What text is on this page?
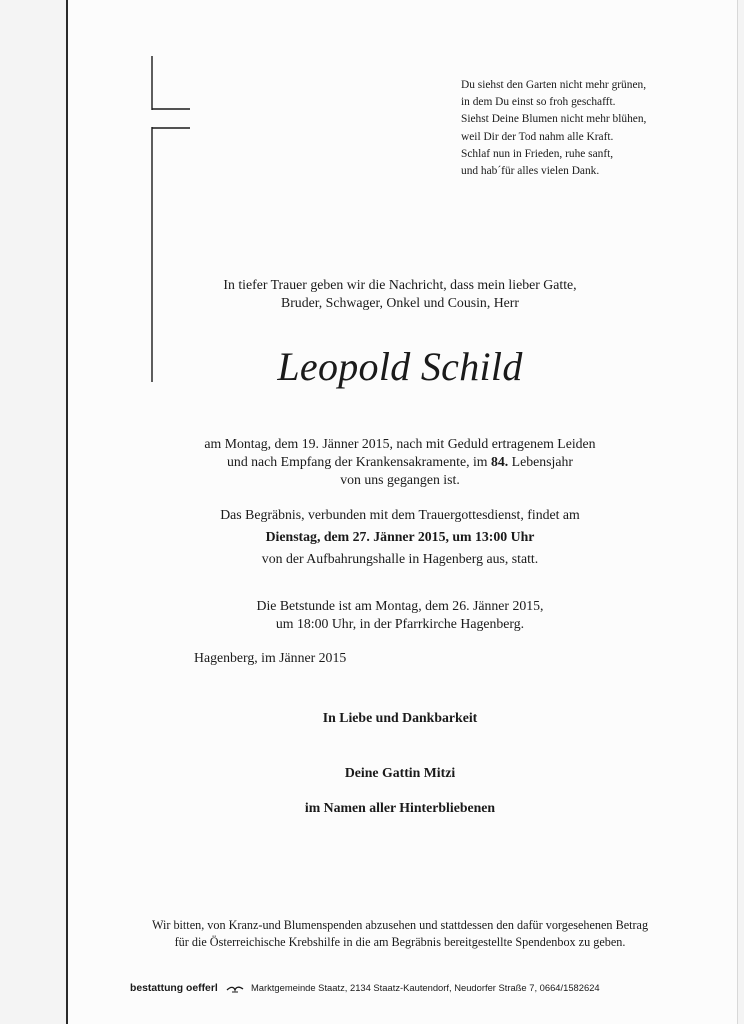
Du siehst den Garten nicht mehr grünen,
in dem Du einst so froh geschafft.
Siehst Deine Blumen nicht mehr blühen,
weil Dir der Tod nahm alle Kraft.
Schlaf nun in Frieden, ruhe sanft,
und hab´für alles vielen Dank.
In tiefer Trauer geben wir die Nachricht, dass mein lieber Gatte,
Bruder, Schwager, Onkel und Cousin, Herr
Leopold Schild
am Montag, dem 19. Jänner 2015, nach mit Geduld ertragenem Leiden
und nach Empfang der Krankensakramente, im 84. Lebensjahr
von uns gegangen ist.
Das Begräbnis, verbunden mit dem Trauergottesdienst, findet am
Dienstag, dem 27. Jänner 2015, um 13:00 Uhr
von der Aufbahrungshalle in Hagenberg aus, statt.
Die Betstunde ist am Montag, dem 26. Jänner 2015,
um 18:00 Uhr, in der Pfarrkirche Hagenberg.
Hagenberg, im Jänner 2015
In Liebe und Dankbarkeit
Deine Gattin Mitzi
im Namen aller Hinterbliebenen
Wir bitten, von Kranz-und Blumenspenden abzusehen und stattdessen den dafür vorgesehenen Betrag
für die Österreichische Krebshilfe in die am Begräbnis bereitgestellte Spendenbox zu geben.
bestattung oefferl	Marktgemeinde Staatz, 2134 Staatz-Kautendorf, Neudorfer Straße 7, 0664/1582624
